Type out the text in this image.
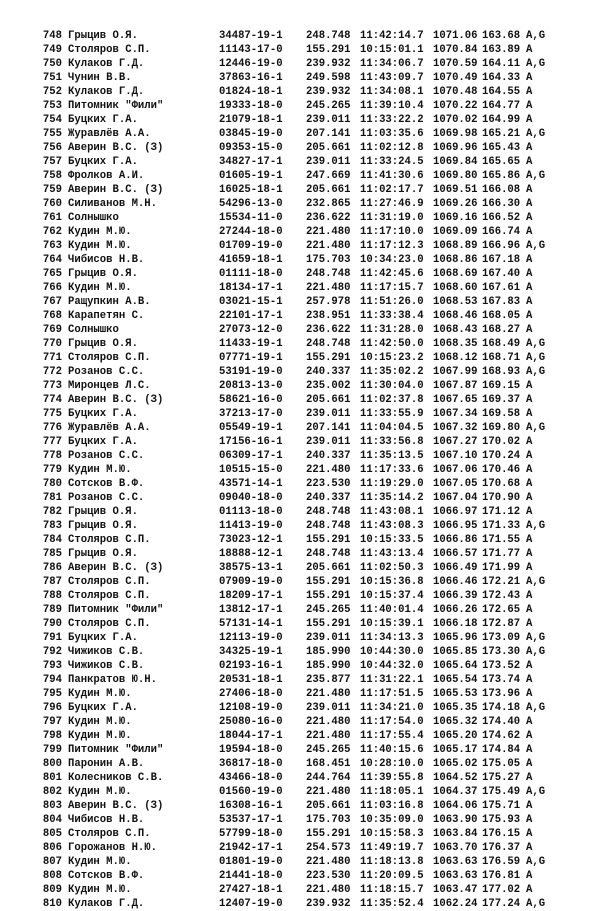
748 Грыцив О.Я.	34487-19-1 248.748 11:42:14.7 1071.06 163.68 A,G
749 Столяров С.П.	11143-17-0 155.291 10:15:01.1 1070.84 163.89 A
750 Кулаков Г.Д.	12446-19-0 239.932 11:34:06.7 1070.59 164.11 A,G
751 Чунин В.В.	37863-16-1 249.598 11:43:09.7 1070.49 164.33 A
752 Кулаков Г.Д.	01824-18-1 239.932 11:34:08.1 1070.48 164.55 A
753 Питомник "Фили"	19333-18-0 245.265 11:39:10.4 1070.22 164.77 A
754 Буцких Г.А.	21079-18-1 239.011 11:33:22.2 1070.02 164.99 A
755 Журавлёв А.А.	03845-19-0 207.141 11:03:35.6 1069.98 165.21 A,G
756 Аверин В.С. (З)	09353-15-0 205.661 11:02:12.8 1069.96 165.43 A
757 Буцких Г.А.	34827-17-1 239.011 11:33:24.5 1069.84 165.65 A
758 Фролков А.И.	01605-19-1 247.669 11:41:30.6 1069.80 165.86 A,G
759 Аверин В.С. (З)	16025-18-1 205.661 11:02:17.7 1069.51 166.08 A
760 Силиванов М.Н.	54296-13-0 232.865 11:27:46.9 1069.26 166.30 A
761 Солнышко	15534-11-0 236.622 11:31:19.0 1069.16 166.52 A
762 Кудин М.Ю.	27244-18-0 221.480 11:17:10.0 1069.09 166.74 A
763 Кудин М.Ю.	01709-19-0 221.480 11:17:12.3 1068.89 166.96 A,G
764 Чибисов Н.В.	41659-18-1 175.703 10:34:23.0 1068.86 167.18 A
765 Грыцив О.Я.	01111-18-0 248.748 11:42:45.6 1068.69 167.40 A
766 Кудин М.Ю.	18134-17-1 221.480 11:17:15.7 1068.60 167.61 A
767 Ращупкин А.В.	03021-15-1 257.978 11:51:26.0 1068.53 167.83 A
768 Карапетян С.	22101-17-1 238.951 11:33:38.4 1068.46 168.05 A
769 Солнышко	27073-12-0 236.622 11:31:28.0 1068.43 168.27 A
770 Грыцив О.Я.	11433-19-1 248.748 11:42:50.0 1068.35 168.49 A,G
771 Столяров С.П.	07771-19-1 155.291 10:15:23.2 1068.12 168.71 A,G
772 Розанов С.С.	53191-19-0 240.337 11:35:02.2 1067.99 168.93 A,G
773 Миронцев Л.С.	20813-13-0 235.002 11:30:04.0 1067.87 169.15 A
774 Аверин В.С. (З)	58621-16-0 205.661 11:02:37.8 1067.65 169.37 A
775 Буцких Г.А.	37213-17-0 239.011 11:33:55.9 1067.34 169.58 A
776 Журавлёв А.А.	05549-19-1 207.141 11:04:04.5 1067.32 169.80 A,G
777 Буцких Г.А.	17156-16-1 239.011 11:33:56.8 1067.27 170.02 A
778 Розанов С.С.	06309-17-1 240.337 11:35:13.5 1067.10 170.24 A
779 Кудин М.Ю.	10515-15-0 221.480 11:17:33.6 1067.06 170.46 A
780 Сотсков В.Ф.	43571-14-1 223.530 11:19:29.0 1067.05 170.68 A
781 Розанов С.С.	09040-18-0 240.337 11:35:14.2 1067.04 170.90 A
782 Грыцив О.Я.	01113-18-0 248.748 11:43:08.1 1066.97 171.12 A
783 Грыцив О.Я.	11413-19-0 248.748 11:43:08.3 1066.95 171.33 A,G
784 Столяров С.П.	73023-12-1 155.291 10:15:33.5 1066.86 171.55 A
785 Грыцив О.Я.	18888-12-1 248.748 11:43:13.4 1066.57 171.77 A
786 Аверин В.С. (З)	38575-13-1 205.661 11:02:50.3 1066.49 171.99 A
787 Столяров С.П.	07909-19-0 155.291 10:15:36.8 1066.46 172.21 A,G
788 Столяров С.П.	18209-17-1 155.291 10:15:37.4 1066.39 172.43 A
789 Питомник "Фили"	13812-17-1 245.265 11:40:01.4 1066.26 172.65 A
790 Столяров С.П.	57131-14-1 155.291 10:15:39.1 1066.18 172.87 A
791 Буцких Г.А.	12113-19-0 239.011 11:34:13.3 1065.96 173.09 A,G
792 Чижиков С.В.	34325-19-1 185.990 10:44:30.0 1065.85 173.30 A,G
793 Чижиков С.В.	02193-16-1 185.990 10:44:32.0 1065.64 173.52 A
794 Панкратов Ю.Н.	20531-18-1 235.877 11:31:22.1 1065.54 173.74 A
795 Кудин М.Ю.	27406-18-0 221.480 11:17:51.5 1065.53 173.96 A
796 Буцких Г.А.	12108-19-0 239.011 11:34:21.0 1065.35 174.18 A,G
797 Кудин М.Ю.	25080-16-0 221.480 11:17:54.0 1065.32 174.40 A
798 Кудин М.Ю.	18044-17-1 221.480 11:17:55.4 1065.20 174.62 A
799 Питомник "Фили"	19594-18-0 245.265 11:40:15.6 1065.17 174.84 A
800 Паронин А.В.	36817-18-0 168.451 10:28:10.0 1065.02 175.05 A
801 Колесников С.В.	43466-18-0 244.764 11:39:55.8 1064.52 175.27 A
802 Кудин М.Ю.	01560-19-0 221.480 11:18:05.1 1064.37 175.49 A,G
803 Аверин В.С. (З)	16308-16-1 205.661 11:03:16.8 1064.06 175.71 A
804 Чибисов Н.В.	53537-17-1 175.703 10:35:09.0 1063.90 175.93 A
805 Столяров С.П.	57799-18-0 155.291 10:15:58.3 1063.84 176.15 A
806 Горожанов Н.Ю.	21942-17-1 254.573 11:49:19.7 1063.70 176.37 A
807 Кудин М.Ю.	01801-19-0 221.480 11:18:13.8 1063.63 176.59 A,G
808 Сотсков В.Ф.	21441-18-0 223.530 11:20:09.5 1063.63 176.81 A
809 Кудин М.Ю.	27427-18-1 221.480 11:18:15.7 1063.47 177.02 A
810 Кулаков Г.Д.	12407-19-0 239.932 11:35:52.4 1062.24 177.24 A,G
